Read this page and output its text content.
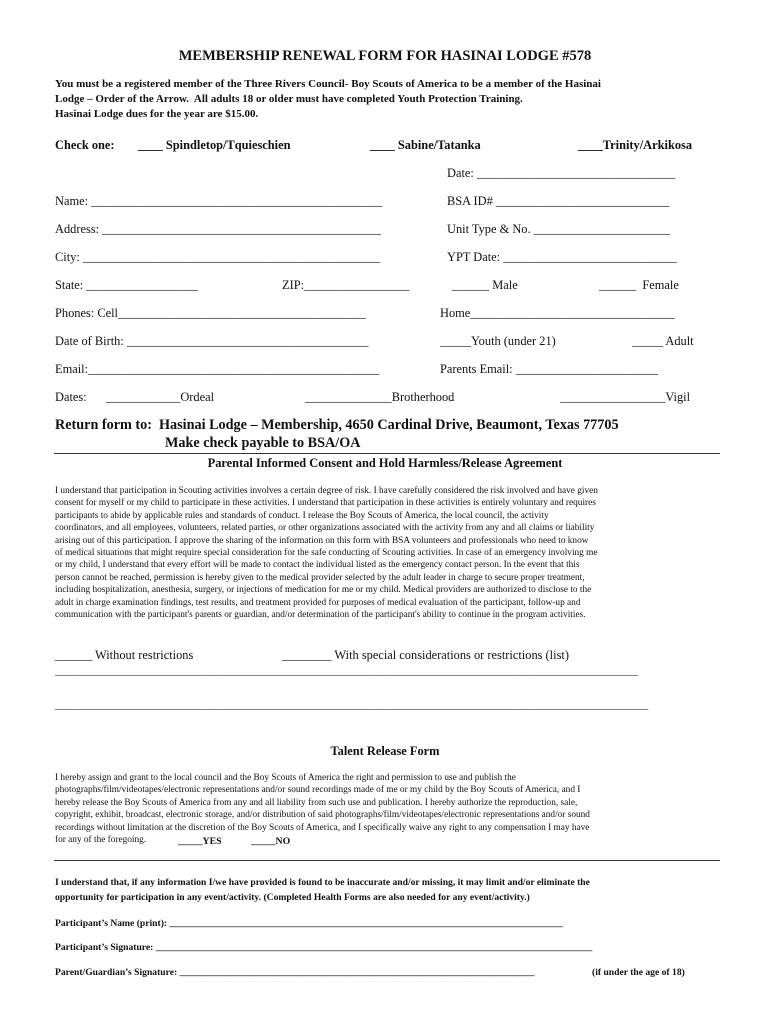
MEMBERSHIP RENEWAL FORM FOR HASINAI LODGE #578
You must be a registered member of the Three Rivers Council- Boy Scouts of America to be a member of the Hasinai
Lodge – Order of the Arrow.  All adults 18 or older must have completed Youth Protection Training.
Hasinai Lodge dues for the year are $15.00.
Check one: ____ Spindletop/Tquieschien	____ Sabine/Tatanka	____Trinity/Arkikosa
Date: ________________________________
Name: _______________________________________________	BSA ID# ____________________________
Address: _____________________________________________	Unit Type & No. ______________________
City: ________________________________________________	YPT Date: ____________________________
State: __________________	ZIP:_________________	______ Male	______  Female
Phones: Cell________________________________________	Home_________________________________
Date of Birth: _______________________________________	_____Youth (under 21)	_____ Adult
Email:_______________________________________________	Parents Email: _______________________
Dates: ____________Ordeal	______________Brotherhood	_________________Vigil
Return form to:  Hasinai Lodge – Membership, 4650 Cardinal Drive, Beaumont, Texas 77705
Make check payable to BSA/OA
Parental Informed Consent and Hold Harmless/Release Agreement
I understand that participation in Scouting activities involves a certain degree of risk. I have carefully considered the risk involved and have given
consent for myself or my child to participate in these activities. I understand that participation in these activities is entirely voluntary and requires
participants to abide by applicable rules and standards of conduct. I release the Boy Scouts of America, the local council, the activity
coordinators, and all employees, volunteers, related parties, or other organizations associated with the activity from any and all claims or liability
arising out of this participation. I approve the sharing of the information on this form with BSA volunteers and professionals who need to know
of medical situations that might require special consideration for the safe conducting of Scouting activities. In case of an emergency involving me
or my child, I understand that every effort will be made to contact the individual listed as the emergency contact person. In the event that this
person cannot be reached, permission is hereby given to the medical provider selected by the adult leader in charge to secure proper treatment,
including hospitalization, anesthesia, surgery, or injections of medication for me or my child. Medical providers are authorized to disclose to the
adult in charge examination findings, test results, and treatment provided for purposes of medical evaluation of the participant, follow-up and
communication with the participant's parents or guardian, and/or determination of the participant's ability to continue in the program activities.
______ Without restrictions	________ With special considerations or restrictions (list)
______________________________________________________________________________________________________________
________________________________________________________________________________________________________________
Talent Release Form
I hereby assign and grant to the local council and the Boy Scouts of America the right and permission to use and publish the
photographs/film/videotapes/electronic representations and/or sound recordings made of me or my child by the Boy Scouts of America, and I
hereby release the Boy Scouts of America from any and all liability from such use and publication. I hereby authorize the reproduction, sale,
copyright, exhibit, broadcast, electronic storage, and/or distribution of said photographs/film/videotapes/electronic representations and/or sound
recordings without limitation at the discretion of the Boy Scouts of America, and I specifically waive any right to any compensation I may have
for any of the foregoing.	_____YES	_____NO
I understand that, if any information I/we have provided is found to be inaccurate and/or missing, it may limit and/or eliminate the
opportunity for participation in any event/activity. (Completed Health Forms are also needed for any event/activity.)
Participant’s Name (print): __________________________________________________________________________________
Participant’s Signature: ___________________________________________________________________________________________
Parent/Guardian’s Signature: __________________________________________________________________________	(if under the age of 18)
